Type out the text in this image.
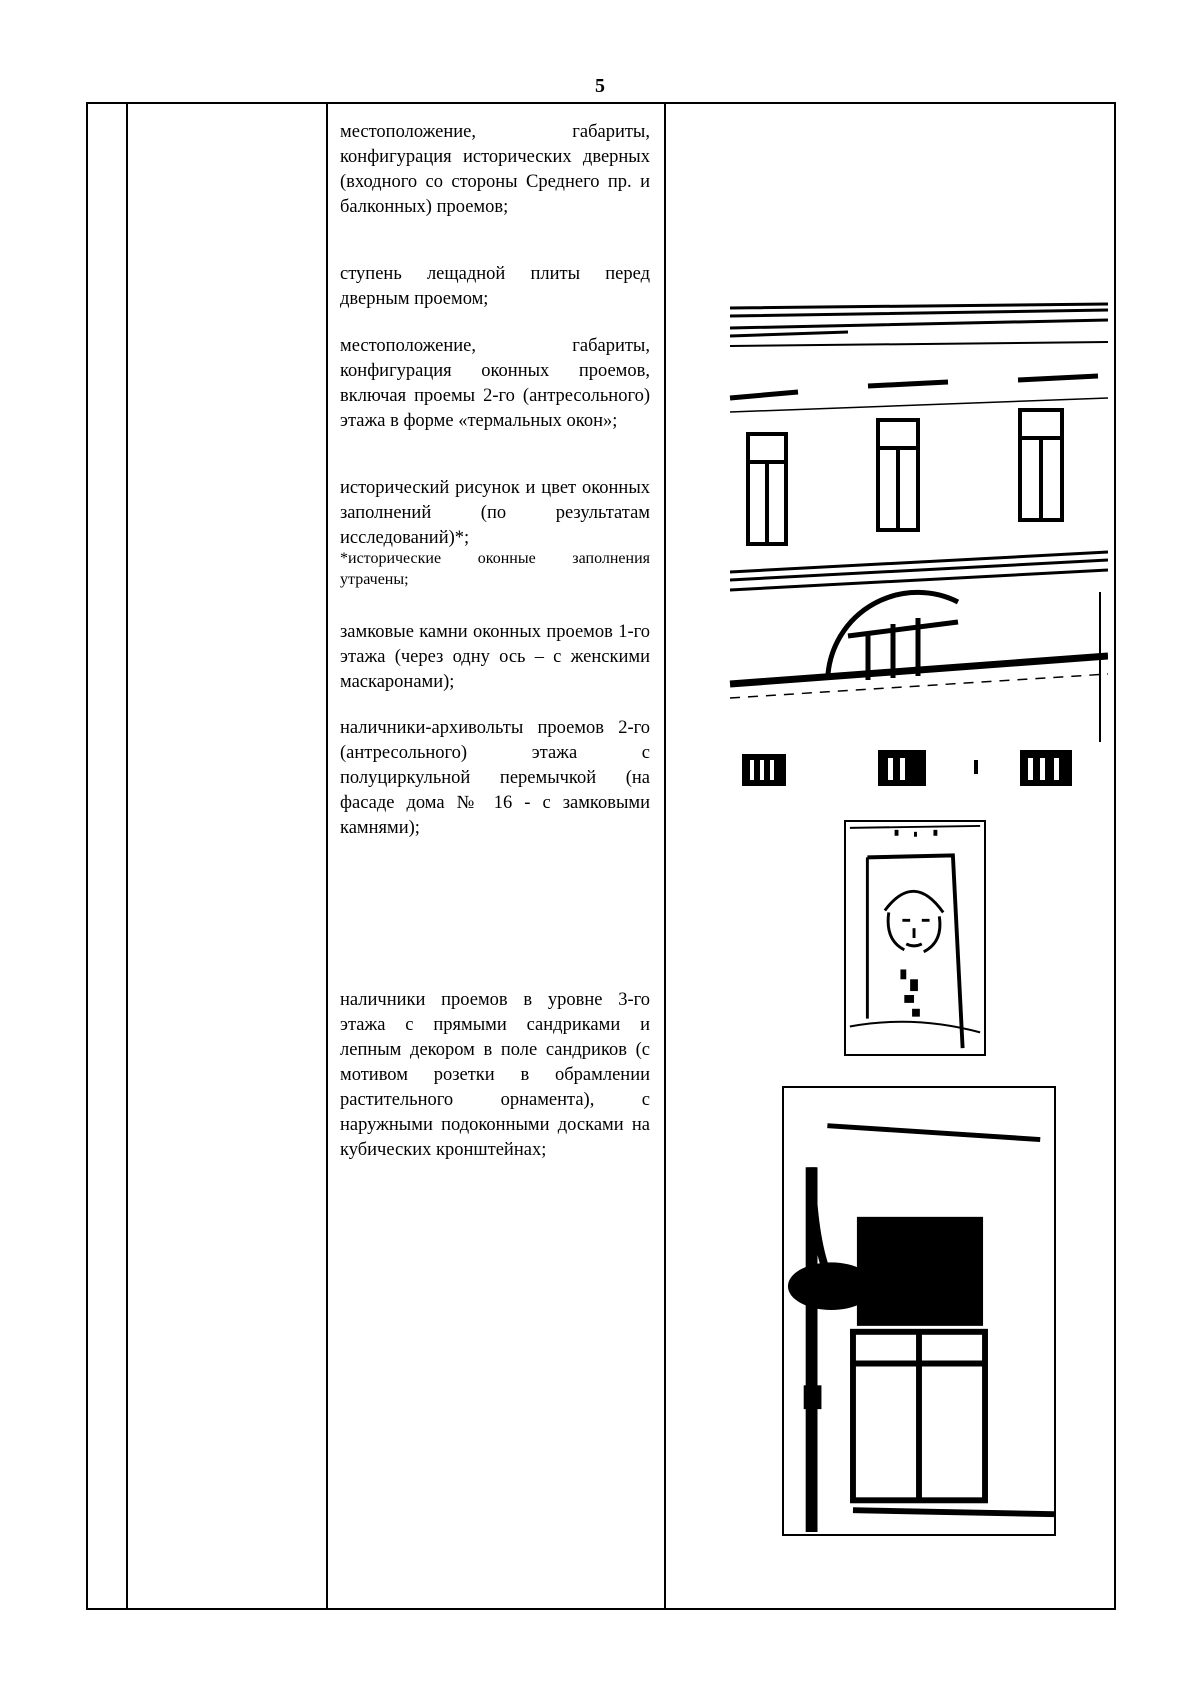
5

местоположение, габариты, конфигурация исторических дверных (входного со стороны Среднего пр. и балконных) проемов;

ступень лещадной плиты перед дверным проемом;

местоположение, габариты, конфигурация оконных проемов, включая проемы 2-го (антресольного) этажа в форме «термальных окон»;

исторический рисунок и цвет оконных заполнений (по результатам исследований)*;

*исторические оконные заполнения утрачены;

замковые камни оконных проемов 1-го этажа (через одну ось – с женскими маскаронами);

наличники-архивольты проемов 2-го (антресольного) этажа с полуциркульной перемычкой (на фасаде дома № 16 - с замковыми камнями);

наличники проемов в уровне 3-го этажа с прямыми сандриками и лепным декором в поле сандриков (с мотивом розетки в обрамлении растительного орнамента), с наружными подоконными досками на кубических кронштейнах;
